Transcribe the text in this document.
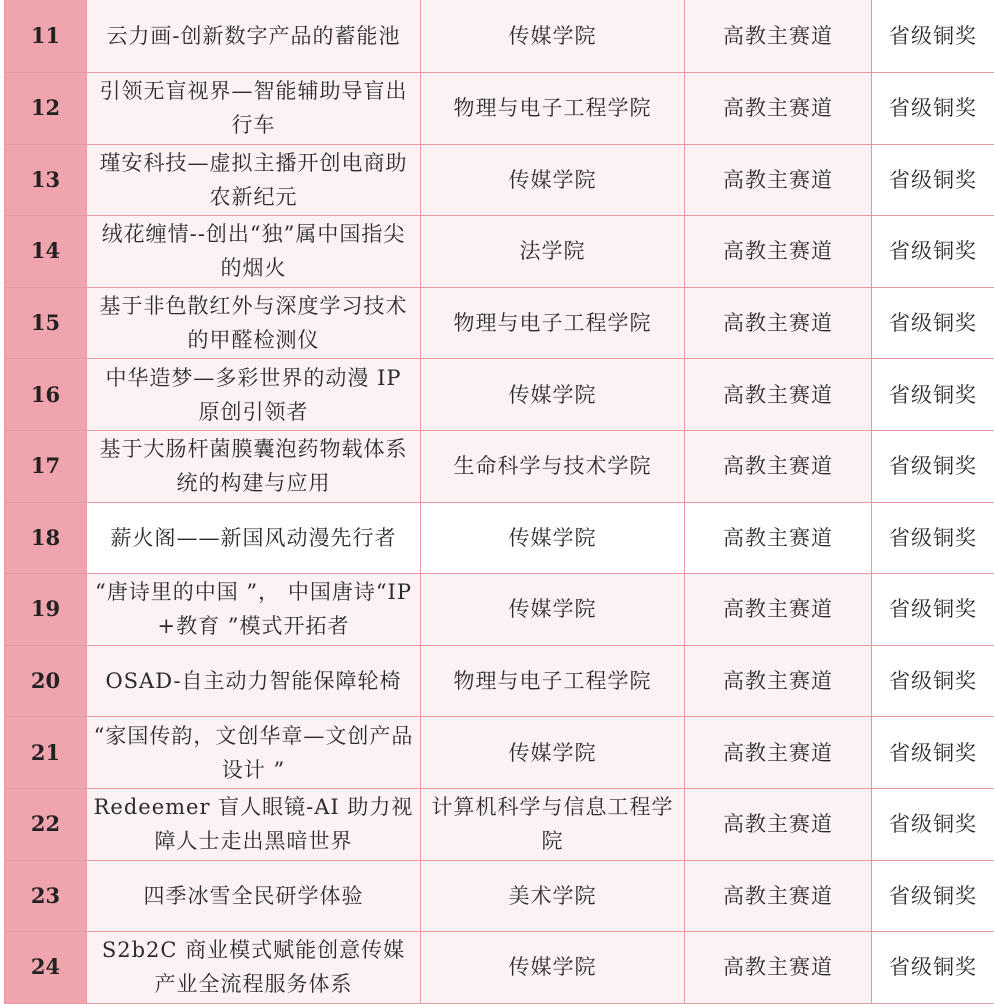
11	云力画-创新数字产品的蓄能池	传媒学院	高教主赛道	省级铜奖
12	引领无盲视界—智能辅助导盲出行车	物理与电子工程学院	高教主赛道	省级铜奖
13	瑾安科技—虚拟主播开创电商助农新纪元	传媒学院	高教主赛道	省级铜奖
14	绒花缠情--创出“独”属中国指尖的烟火	法学院	高教主赛道	省级铜奖
15	基于非色散红外与深度学习技术的甲醛检测仪	物理与电子工程学院	高教主赛道	省级铜奖
16	中华造梦—多彩世界的动漫 IP 原创引领者	传媒学院	高教主赛道	省级铜奖
17	基于大肠杆菌膜囊泡药物载体系统的构建与应用	生命科学与技术学院	高教主赛道	省级铜奖
18	薪火阁——新国风动漫先行者	传媒学院	高教主赛道	省级铜奖
19	“唐诗里的中国 ”， 中国唐诗“IP+教育 ”模式开拓者	传媒学院	高教主赛道	省级铜奖
20	OSAD-自主动力智能保障轮椅	物理与电子工程学院	高教主赛道	省级铜奖
21	“家国传韵，文创华章—文创产品设计 ”	传媒学院	高教主赛道	省级铜奖
22	Redeemer 盲人眼镜-AI 助力视障人士走出黑暗世界	计算机科学与信息工程学院	高教主赛道	省级铜奖
23	四季冰雪全民研学体验	美术学院	高教主赛道	省级铜奖
24	S2b2C 商业模式赋能创意传媒产业全流程服务体系	传媒学院	高教主赛道	省级铜奖
